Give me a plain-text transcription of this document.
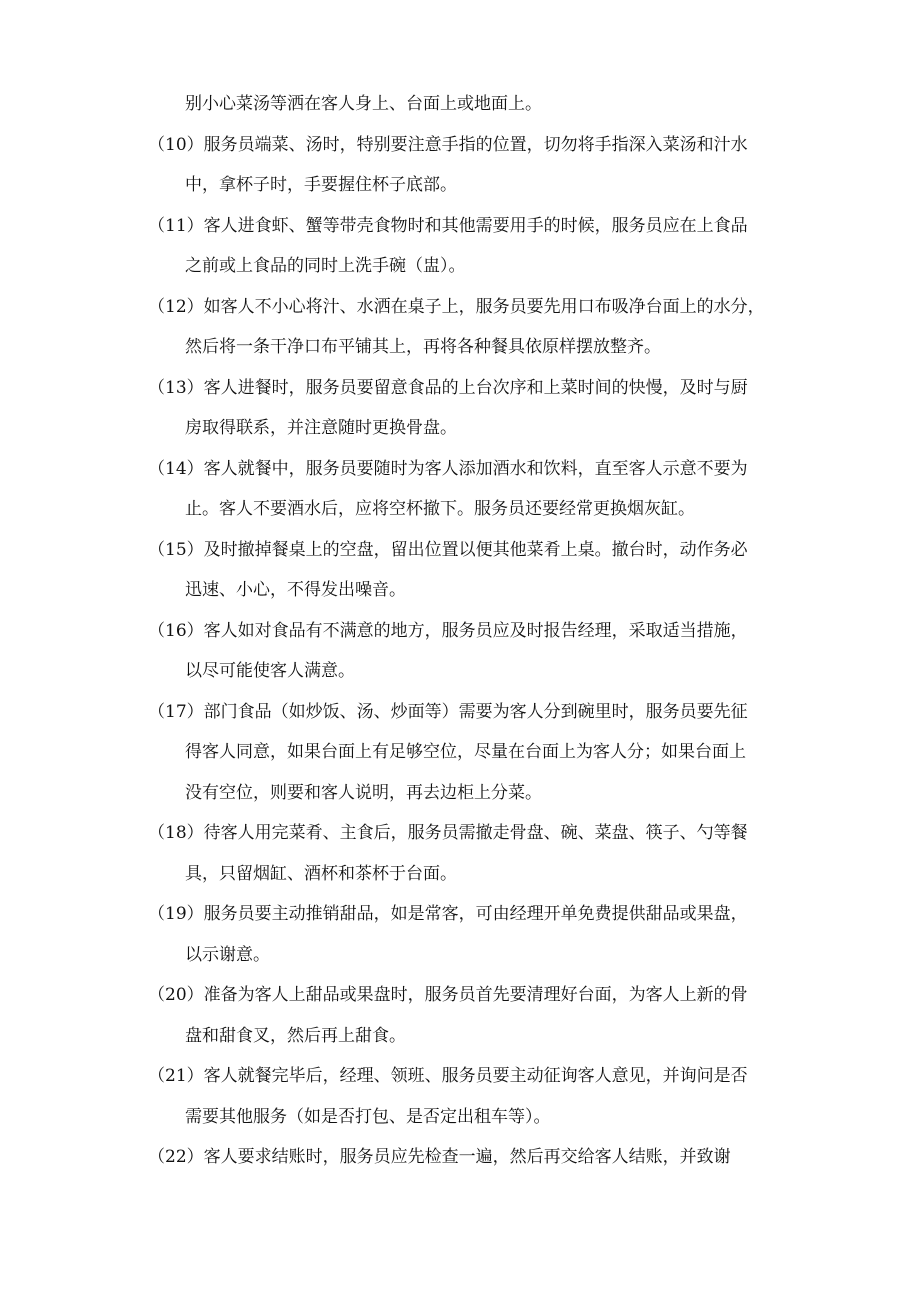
别小心菜汤等洒在客人身上、台面上或地面上。
（10）服务员端菜、汤时，特别要注意手指的位置，切勿将手指深入菜汤和汁水
中，拿杯子时，手要握住杯子底部。
（11）客人进食虾、蟹等带壳食物时和其他需要用手的时候，服务员应在上食品
之前或上食品的同时上洗手碗（盅）。
（12）如客人不小心将汁、水洒在桌子上，服务员要先用口布吸净台面上的水分，
然后将一条干净口布平铺其上，再将各种餐具依原样摆放整齐。
（13）客人进餐时，服务员要留意食品的上台次序和上菜时间的快慢，及时与厨
房取得联系，并注意随时更换骨盘。
（14）客人就餐中，服务员要随时为客人添加酒水和饮料，直至客人示意不要为
止。客人不要酒水后，应将空杯撤下。服务员还要经常更换烟灰缸。
（15）及时撤掉餐桌上的空盘，留出位置以便其他菜肴上桌。撤台时，动作务必
迅速、小心，不得发出噪音。
（16）客人如对食品有不满意的地方，服务员应及时报告经理，采取适当措施，
以尽可能使客人满意。
（17）部门食品（如炒饭、汤、炒面等）需要为客人分到碗里时，服务员要先征
得客人同意，如果台面上有足够空位，尽量在台面上为客人分；如果台面上
没有空位，则要和客人说明，再去边柜上分菜。
（18）待客人用完菜肴、主食后，服务员需撤走骨盘、碗、菜盘、筷子、勺等餐
具，只留烟缸、酒杯和茶杯于台面。
（19）服务员要主动推销甜品，如是常客，可由经理开单免费提供甜品或果盘，
以示谢意。
（20）准备为客人上甜品或果盘时，服务员首先要清理好台面，为客人上新的骨
盘和甜食叉，然后再上甜食。
（21）客人就餐完毕后，经理、领班、服务员要主动征询客人意见，并询问是否
需要其他服务（如是否打包、是否定出租车等）。
（22）客人要求结账时，服务员应先检查一遍，然后再交给客人结账，并致谢
